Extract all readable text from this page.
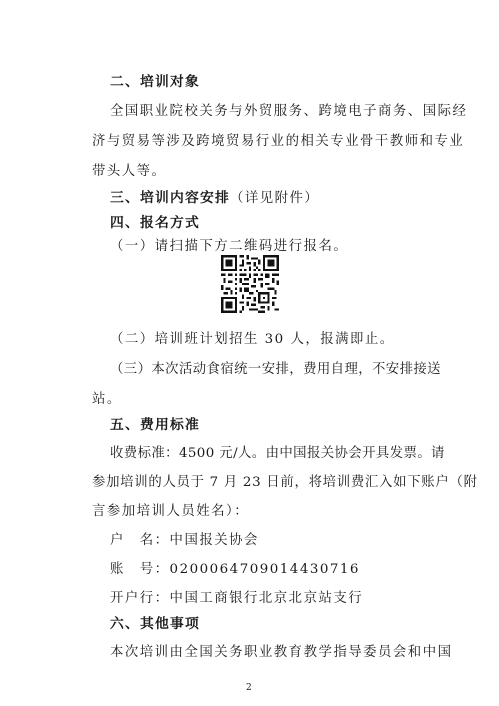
二、培训对象
全国职业院校关务与外贸服务、跨境电子商务、国际经
济与贸易等涉及跨境贸易行业的相关专业骨干教师和专业
带头人等。
三、培训内容安排（详见附件）
四、报名方式
（一）请扫描下方二维码进行报名。
（二）培训班计划招生 30 人，报满即止。
（三）本次活动食宿统一安排，费用自理，不安排接送
站。
五、费用标准
收费标准：4500 元/人。由中国报关协会开具发票。请
参加培训的人员于 7 月 23 日前，将培训费汇入如下账户（附
言参加培训人员姓名）：
户　名：中国报关协会
账　号：0200064709014430716
开户行：中国工商银行北京北京站支行
六、其他事项
本次培训由全国关务职业教育教学指导委员会和中国
2
